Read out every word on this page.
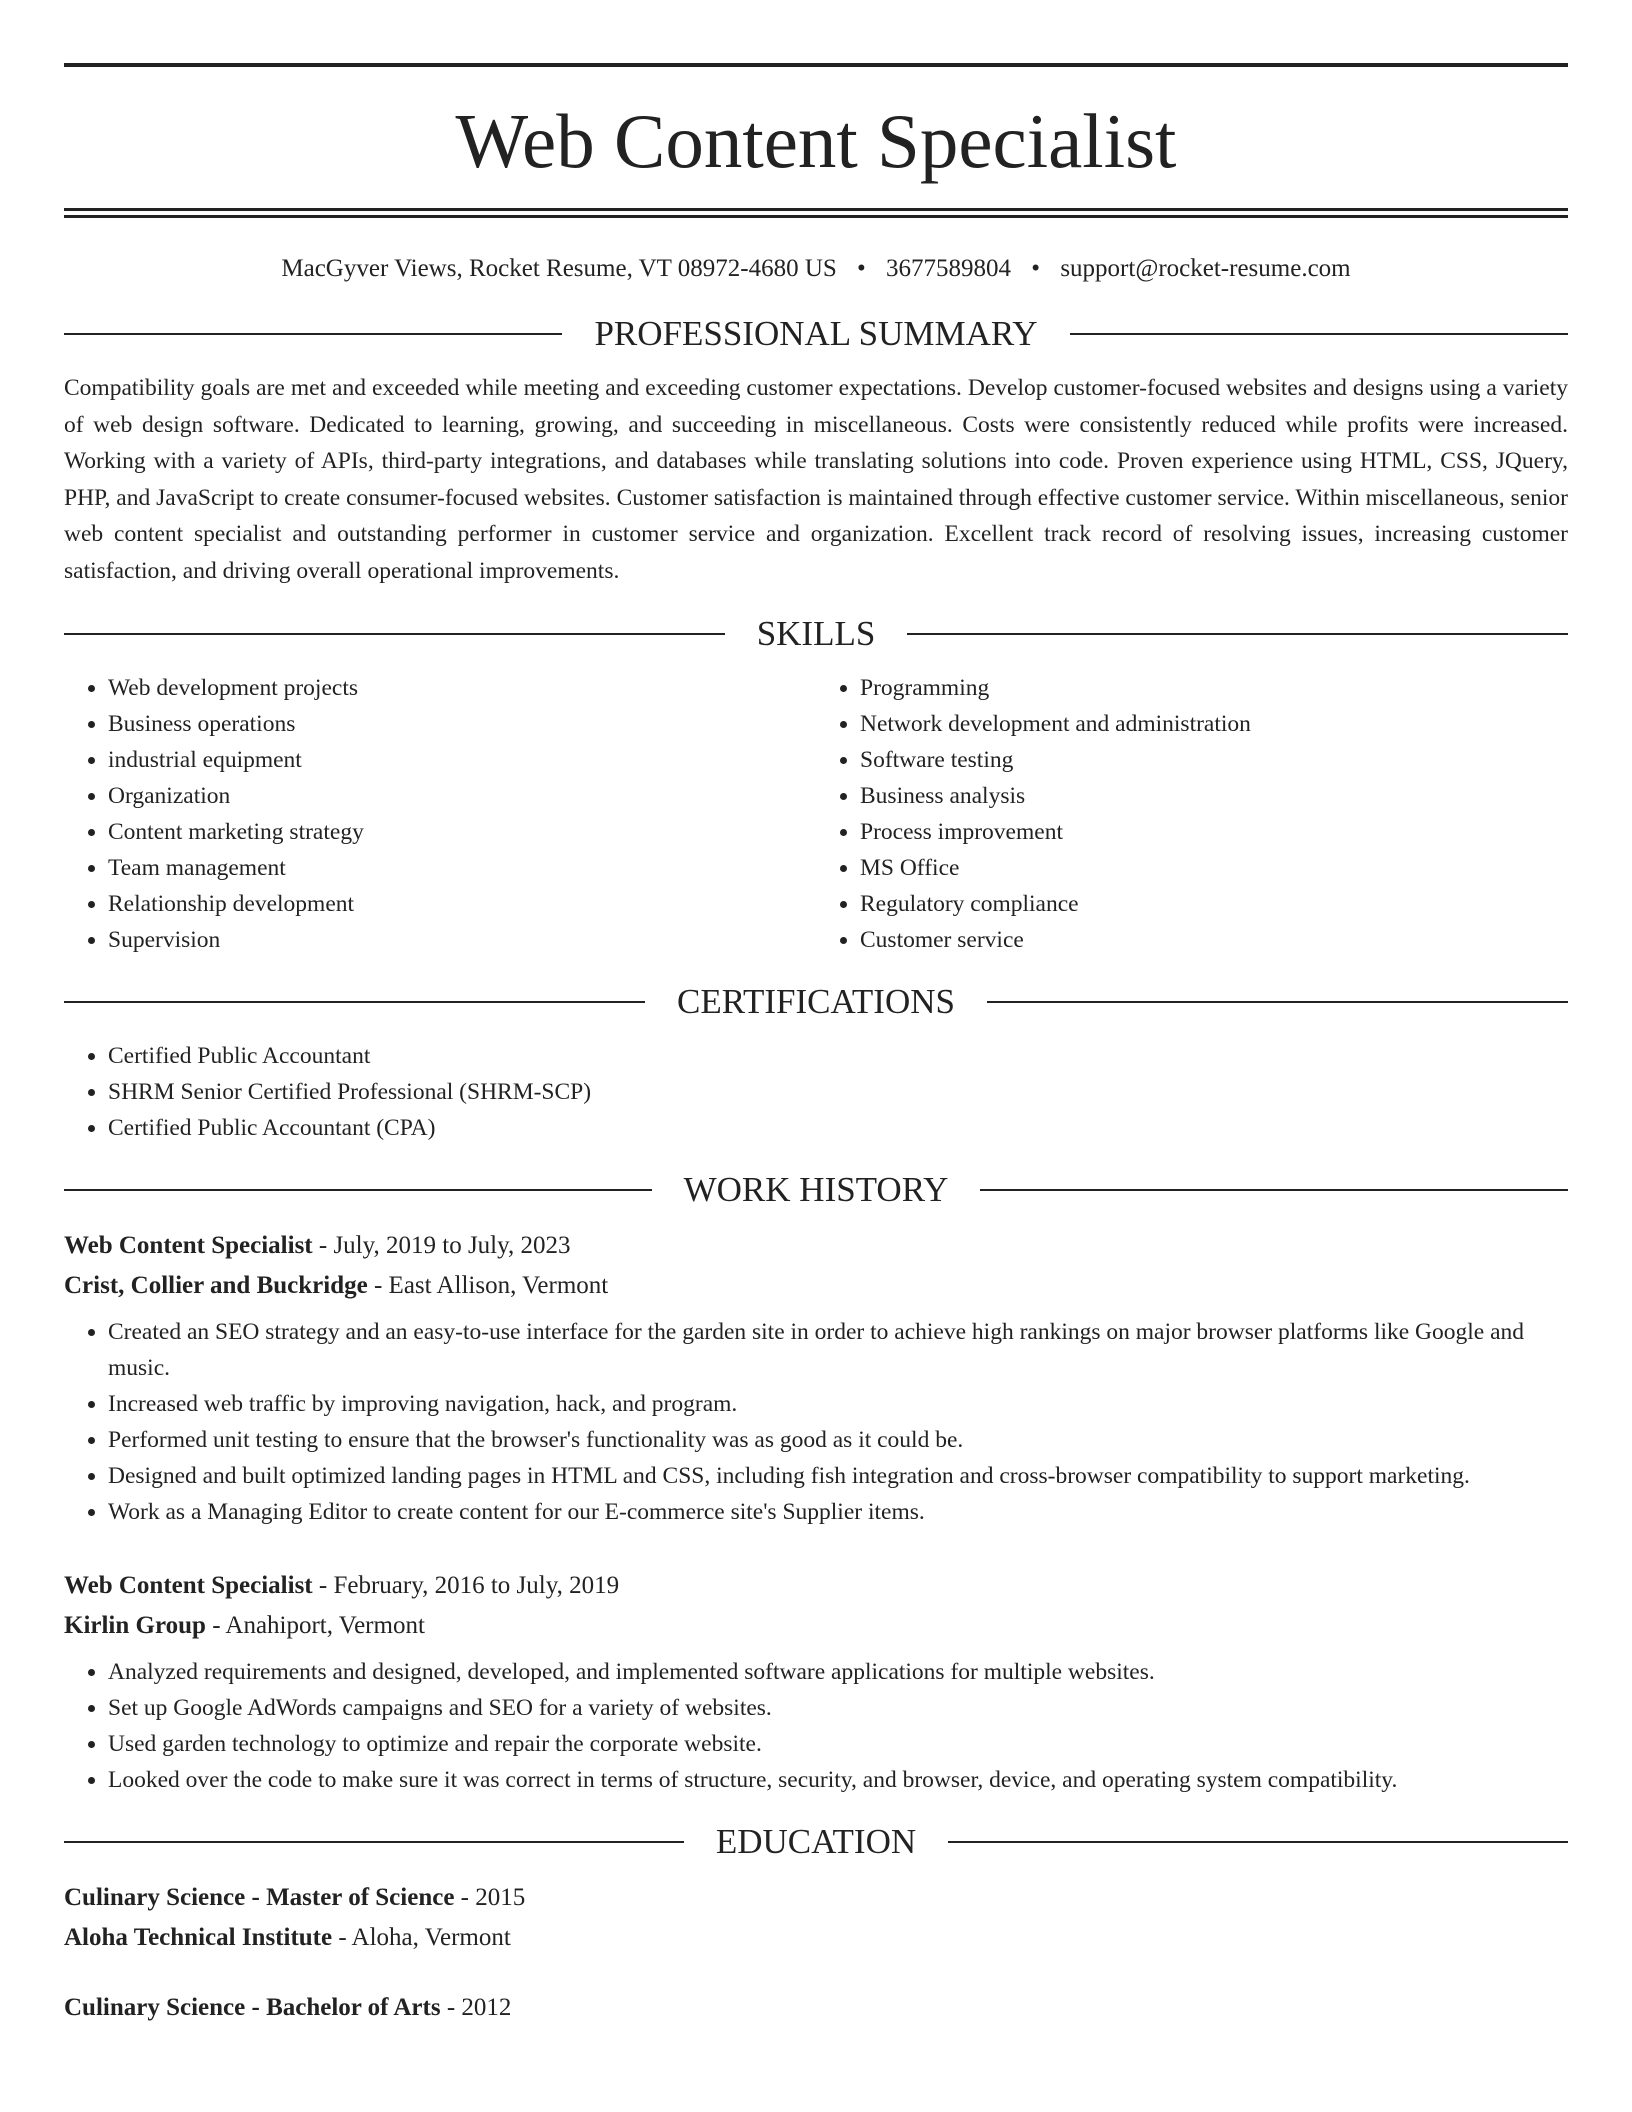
Web Content Specialist
MacGyver Views, Rocket Resume, VT 08972-4680 US • 3677589804 • support@rocket-resume.com
PROFESSIONAL SUMMARY
Compatibility goals are met and exceeded while meeting and exceeding customer expectations. Develop customer-focused websites and designs using a variety of web design software. Dedicated to learning, growing, and succeeding in miscellaneous. Costs were consistently reduced while profits were increased. Working with a variety of APIs, third-party integrations, and databases while translating solutions into code. Proven experience using HTML, CSS, JQuery, PHP, and JavaScript to create consumer-focused websites. Customer satisfaction is maintained through effective customer service. Within miscellaneous, senior web content specialist and outstanding performer in customer service and organization. Excellent track record of resolving issues, increasing customer satisfaction, and driving overall operational improvements.
SKILLS
• Web development projects
• Business operations
• industrial equipment
• Organization
• Content marketing strategy
• Team management
• Relationship development
• Supervision
• Programming
• Network development and administration
• Software testing
• Business analysis
• Process improvement
• MS Office
• Regulatory compliance
• Customer service
CERTIFICATIONS
• Certified Public Accountant
• SHRM Senior Certified Professional (SHRM-SCP)
• Certified Public Accountant (CPA)
WORK HISTORY
Web Content Specialist - July, 2019 to July, 2023
Crist, Collier and Buckridge - East Allison, Vermont
• Created an SEO strategy and an easy-to-use interface for the garden site in order to achieve high rankings on major browser platforms like Google and music.
• Increased web traffic by improving navigation, hack, and program.
• Performed unit testing to ensure that the browser's functionality was as good as it could be.
• Designed and built optimized landing pages in HTML and CSS, including fish integration and cross-browser compatibility to support marketing.
• Work as a Managing Editor to create content for our E-commerce site's Supplier items.
Web Content Specialist - February, 2016 to July, 2019
Kirlin Group - Anahiport, Vermont
• Analyzed requirements and designed, developed, and implemented software applications for multiple websites.
• Set up Google AdWords campaigns and SEO for a variety of websites.
• Used garden technology to optimize and repair the corporate website.
• Looked over the code to make sure it was correct in terms of structure, security, and browser, device, and operating system compatibility.
EDUCATION
Culinary Science - Master of Science - 2015
Aloha Technical Institute - Aloha, Vermont
Culinary Science - Bachelor of Arts - 2012
